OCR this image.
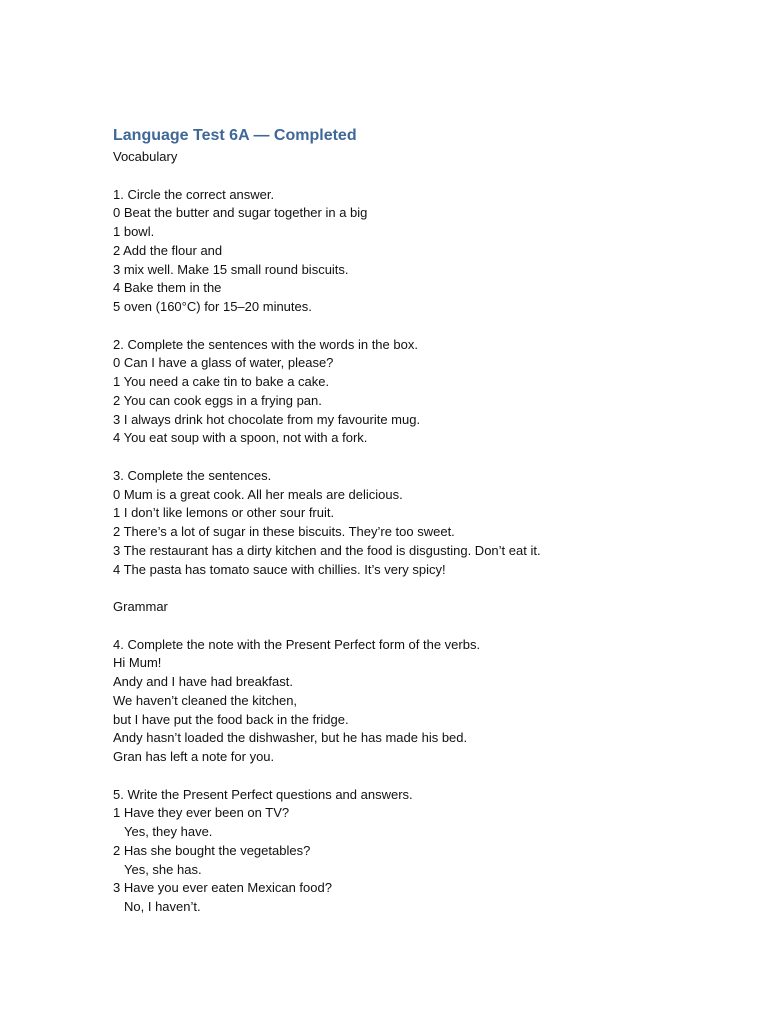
Language Test 6A — Completed
Vocabulary
1. Circle the correct answer.
0 Beat the butter and sugar together in a big
1 bowl.
2 Add the flour and
3 mix well. Make 15 small round biscuits.
4 Bake them in the
5 oven (160°C) for 15–20 minutes.
2. Complete the sentences with the words in the box.
0 Can I have a glass of water, please?
1 You need a cake tin to bake a cake.
2 You can cook eggs in a frying pan.
3 I always drink hot chocolate from my favourite mug.
4 You eat soup with a spoon, not with a fork.
3. Complete the sentences.
0 Mum is a great cook. All her meals are delicious.
1 I don’t like lemons or other sour fruit.
2 There’s a lot of sugar in these biscuits. They’re too sweet.
3 The restaurant has a dirty kitchen and the food is disgusting. Don’t eat it.
4 The pasta has tomato sauce with chillies. It’s very spicy!
Grammar
4. Complete the note with the Present Perfect form of the verbs.
Hi Mum!
Andy and I have had breakfast.
We haven’t cleaned the kitchen,
but I have put the food back in the fridge.
Andy hasn’t loaded the dishwasher, but he has made his bed.
Gran has left a note for you.
5. Write the Present Perfect questions and answers.
1 Have they ever been on TV?
Yes, they have.
2 Has she bought the vegetables?
Yes, she has.
3 Have you ever eaten Mexican food?
No, I haven’t.
